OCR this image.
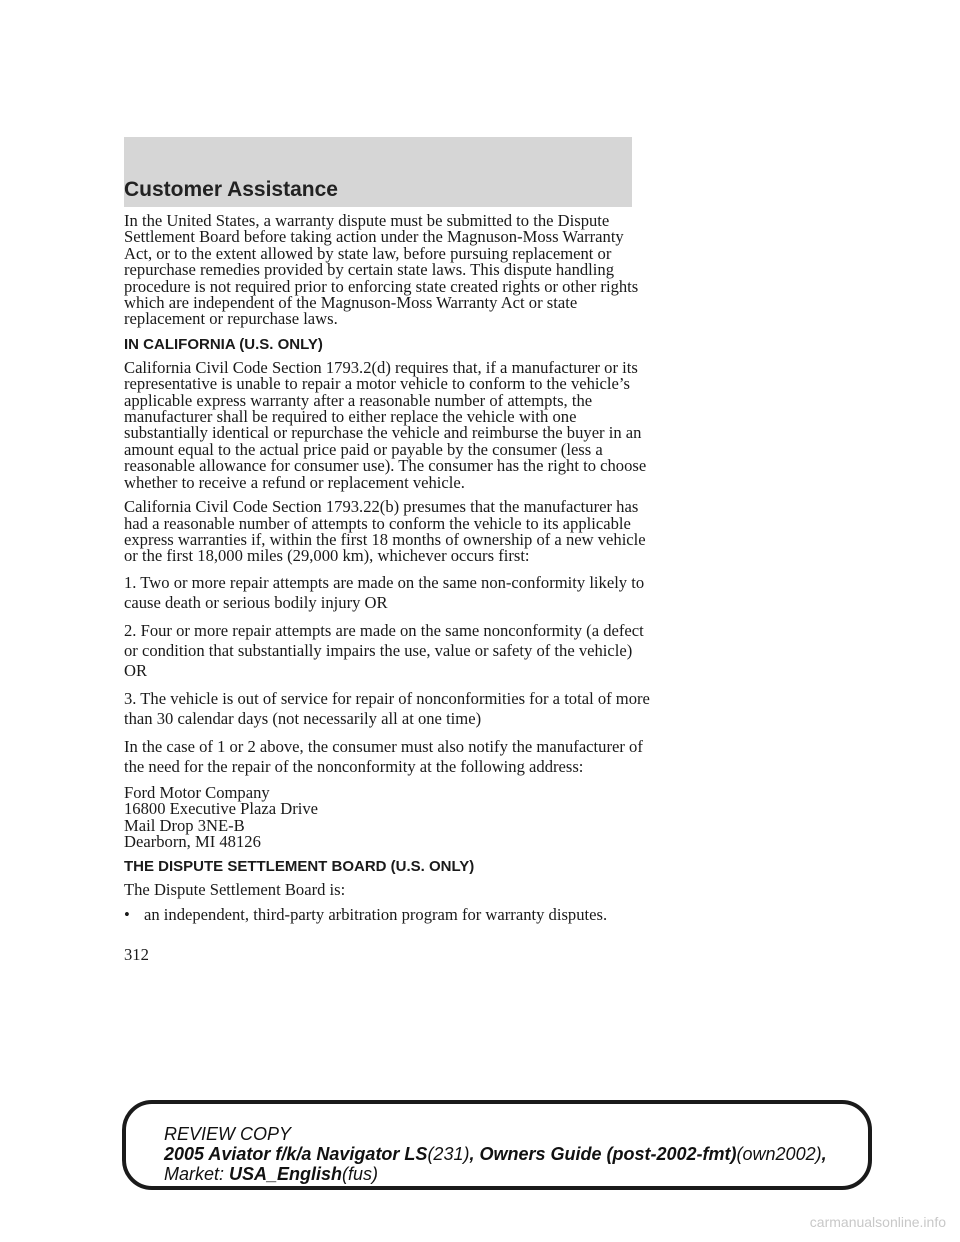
Customer Assistance

In the United States, a warranty dispute must be submitted to the Dispute Settlement Board before taking action under the Magnuson-Moss Warranty Act, or to the extent allowed by state law, before pursuing replacement or repurchase remedies provided by certain state laws. This dispute handling procedure is not required prior to enforcing state created rights or other rights which are independent of the Magnuson-Moss Warranty Act or state replacement or repurchase laws.

IN CALIFORNIA (U.S. ONLY)

California Civil Code Section 1793.2(d) requires that, if a manufacturer or its representative is unable to repair a motor vehicle to conform to the vehicle’s applicable express warranty after a reasonable number of attempts, the manufacturer shall be required to either replace the vehicle with one substantially identical or repurchase the vehicle and reimburse the buyer in an amount equal to the actual price paid or payable by the consumer (less a reasonable allowance for consumer use). The consumer has the right to choose whether to receive a refund or replacement vehicle.

California Civil Code Section 1793.22(b) presumes that the manufacturer has had a reasonable number of attempts to conform the vehicle to its applicable express warranties if, within the first 18 months of ownership of a new vehicle or the first 18,000 miles (29,000 km), whichever occurs first:

1. Two or more repair attempts are made on the same non-conformity likely to cause death or serious bodily injury OR

2. Four or more repair attempts are made on the same nonconformity (a defect or condition that substantially impairs the use, value or safety of the vehicle) OR

3. The vehicle is out of service for repair of nonconformities for a total of more than 30 calendar days (not necessarily all at one time)

In the case of 1 or 2 above, the consumer must also notify the manufacturer of the need for the repair of the nonconformity at the following address:

Ford Motor Company
16800 Executive Plaza Drive
Mail Drop 3NE-B
Dearborn, MI 48126

THE DISPUTE SETTLEMENT BOARD (U.S. ONLY)

The Dispute Settlement Board is:

• an independent, third-party arbitration program for warranty disputes.
312
REVIEW COPY
2005 Aviator f/k/a Navigator LS(231), Owners Guide (post-2002-fmt)(own2002),
Market: USA_English(fus)
carmanualsonline.info
